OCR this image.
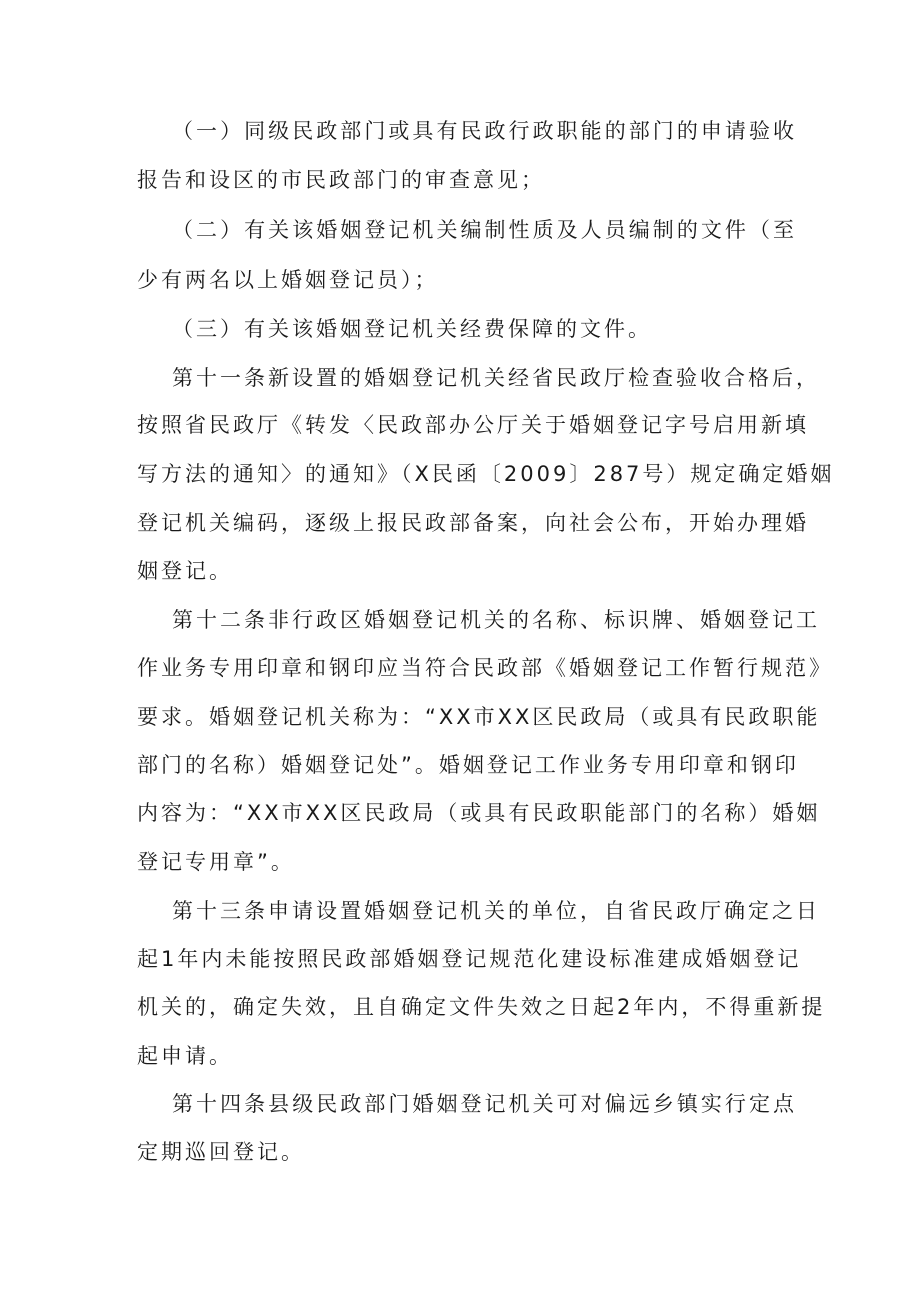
（一）同级民政部门或具有民政行政职能的部门的申请验收
报告和设区的市民政部门的审查意见；
（二）有关该婚姻登记机关编制性质及人员编制的文件（至
少有两名以上婚姻登记员）；
（三）有关该婚姻登记机关经费保障的文件。
第十一条新设置的婚姻登记机关经省民政厅检查验收合格后，
按照省民政厅《转发〈民政部办公厅关于婚姻登记字号启用新填
写方法的通知〉的通知》（X民函〔2009〕287号）规定确定婚姻
登记机关编码，逐级上报民政部备案，向社会公布，开始办理婚
姻登记。
第十二条非行政区婚姻登记机关的名称、标识牌、婚姻登记工
作业务专用印章和钢印应当符合民政部《婚姻登记工作暂行规范》
要求。婚姻登记机关称为：“XX市XX区民政局（或具有民政职能
部门的名称）婚姻登记处”。婚姻登记工作业务专用印章和钢印
内容为：“XX市XX区民政局（或具有民政职能部门的名称）婚姻
登记专用章”。
第十三条申请设置婚姻登记机关的单位，自省民政厅确定之日
起1年内未能按照民政部婚姻登记规范化建设标准建成婚姻登记
机关的，确定失效，且自确定文件失效之日起2年内，不得重新提
起申请。
第十四条县级民政部门婚姻登记机关可对偏远乡镇实行定点
定期巡回登记。
